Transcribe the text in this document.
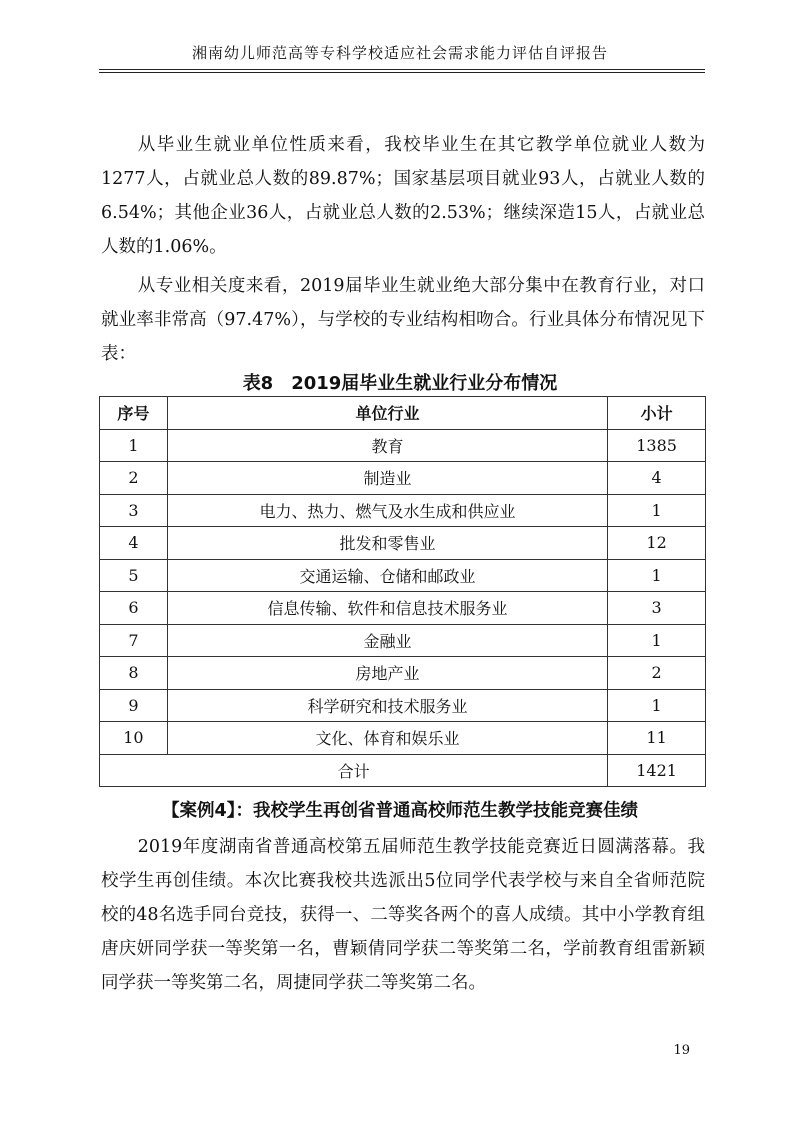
湘南幼儿师范高等专科学校适应社会需求能力评估自评报告
从毕业生就业单位性质来看，我校毕业生在其它教学单位就业人数为1277人，占就业总人数的89.87%；国家基层项目就业93人，占就业人数的6.54%；其他企业36人，占就业总人数的2.53%；继续深造15人，占就业总人数的1.06%。
从专业相关度来看，2019届毕业生就业绝大部分集中在教育行业，对口就业率非常高（97.47%），与学校的专业结构相吻合。行业具体分布情况见下表：
表8　2019届毕业生就业行业分布情况
序号	单位行业	小计
1	教育	1385
2	制造业	4
3	电力、热力、燃气及水生成和供应业	1
4	批发和零售业	12
5	交通运输、仓储和邮政业	1
6	信息传输、软件和信息技术服务业	3
7	金融业	1
8	房地产业	2
9	科学研究和技术服务业	1
10	文化、体育和娱乐业	11
合计		1421
【案例4】：我校学生再创省普通高校师范生教学技能竞赛佳绩
2019年度湖南省普通高校第五届师范生教学技能竞赛近日圆满落幕。我校学生再创佳绩。本次比赛我校共选派出5位同学代表学校与来自全省师范院校的48名选手同台竞技，获得一、二等奖各两个的喜人成绩。其中小学教育组唐庆妍同学获一等奖第一名，曹颖倩同学获二等奖第二名，学前教育组雷新颖同学获一等奖第二名，周捷同学获二等奖第二名。
19
